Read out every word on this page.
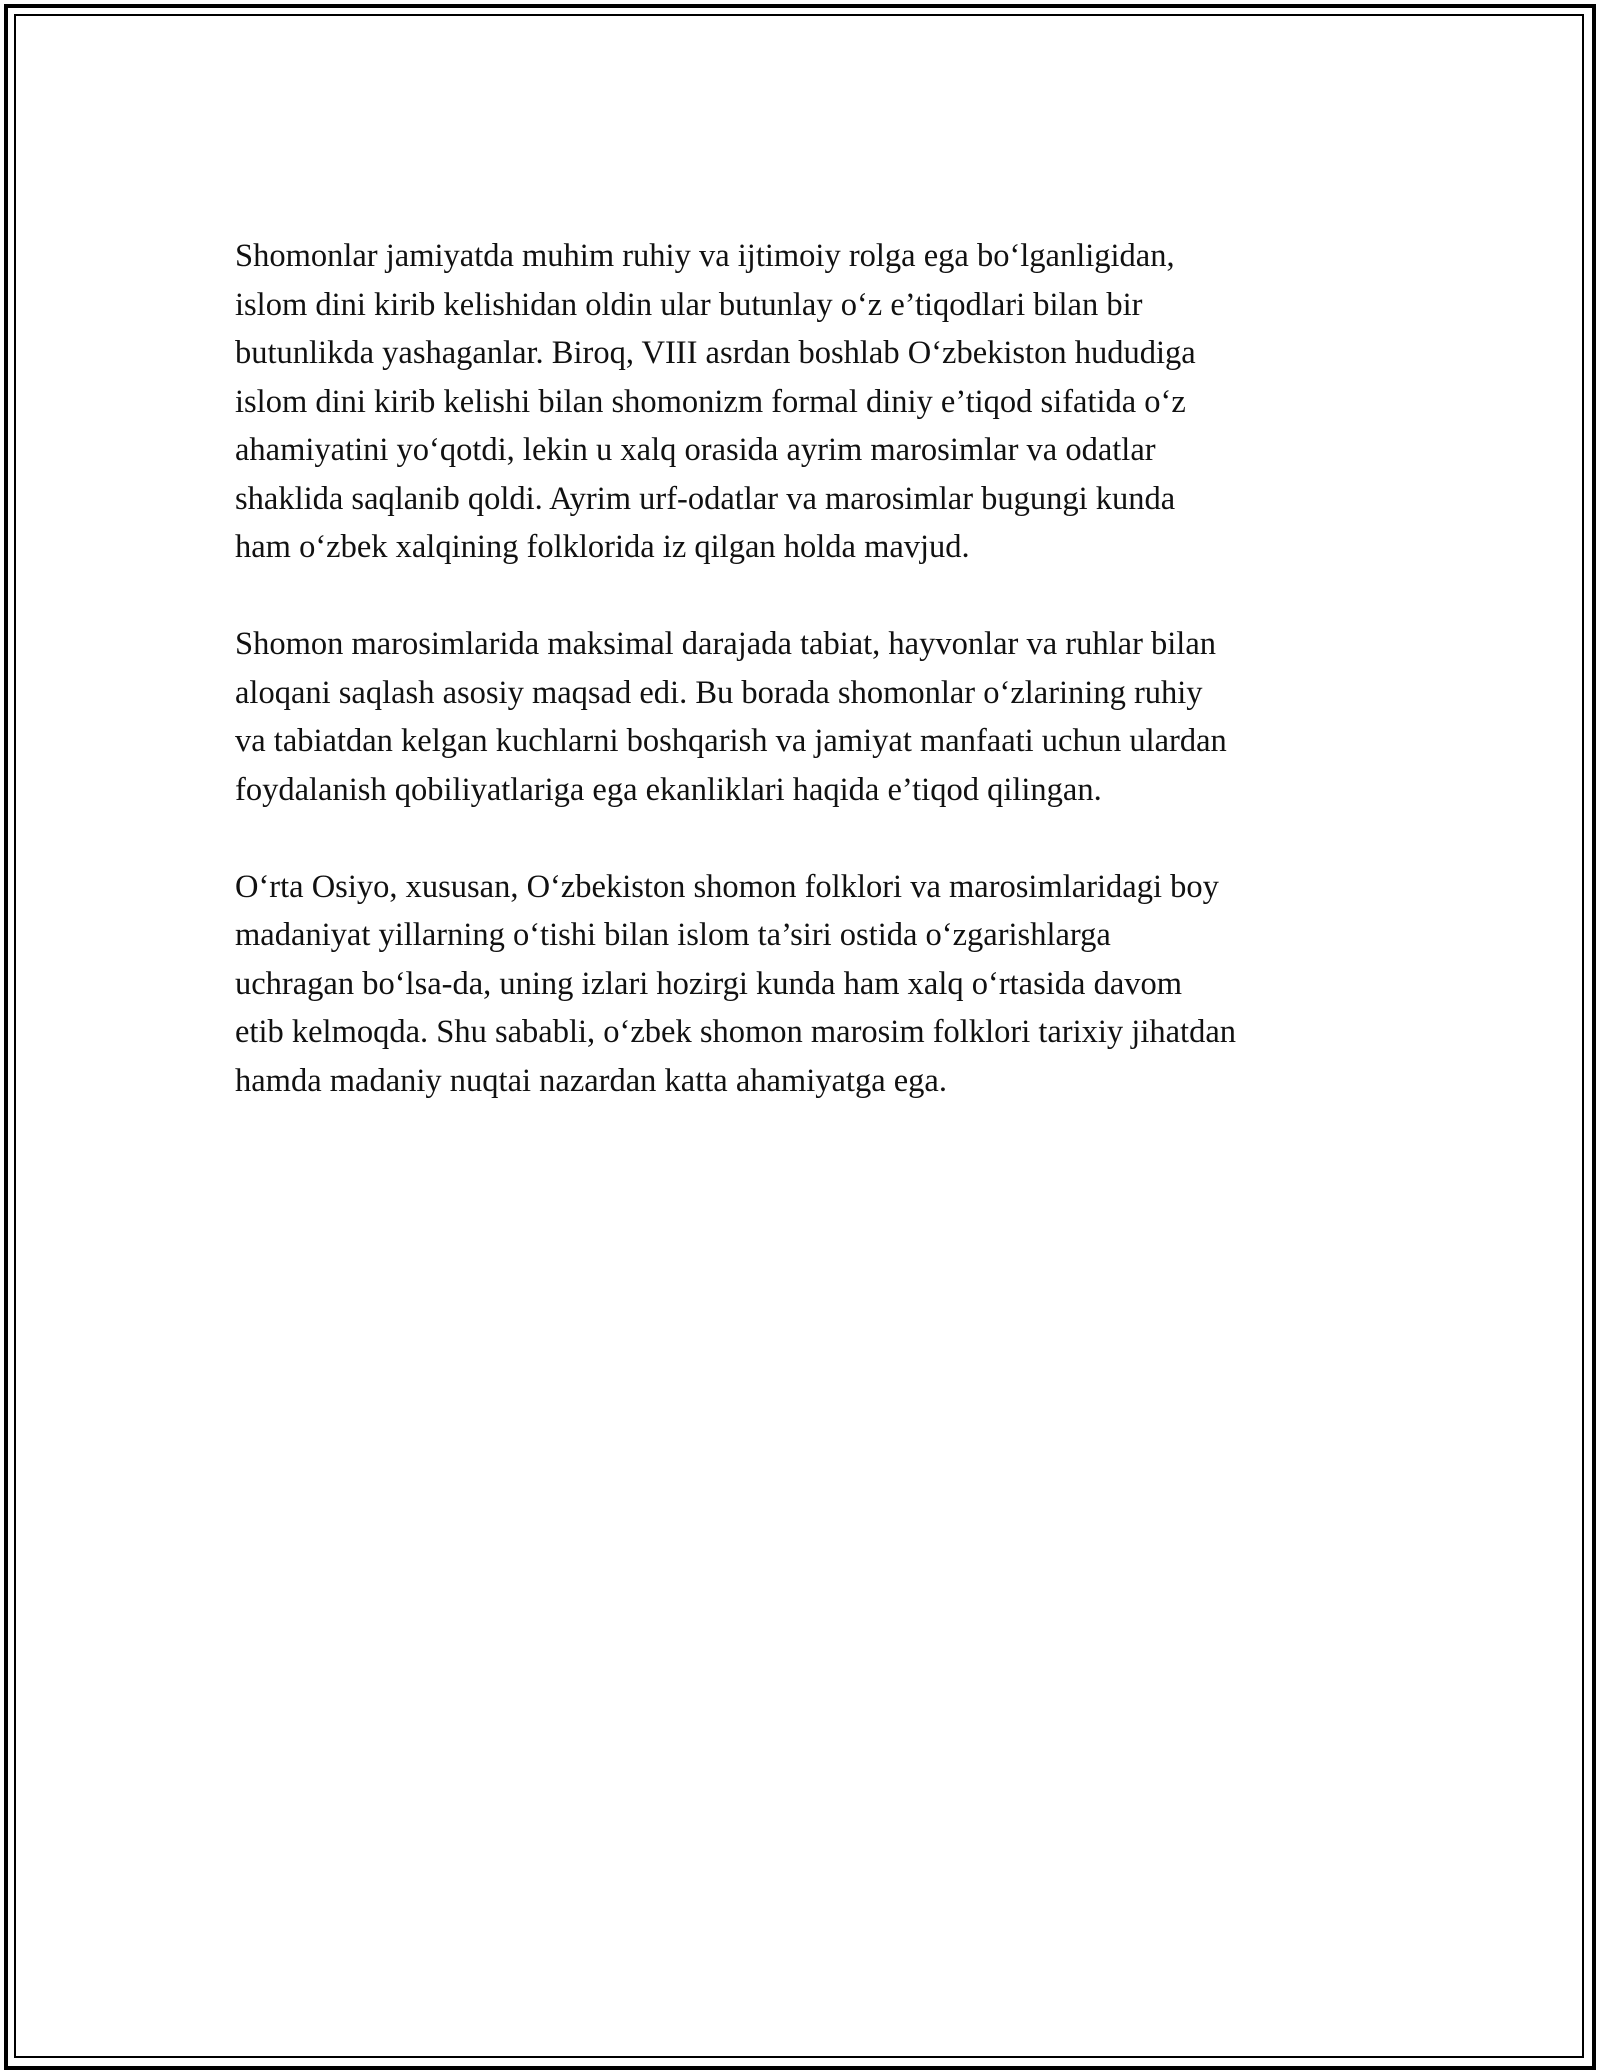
Shomonlar jamiyatda muhim ruhiy va ijtimoiy rolga ega bo‘lganligidan,
islom dini kirib kelishidan oldin ular butunlay o‘z e’tiqodlari bilan bir
butunlikda yashaganlar. Biroq, VIII asrdan boshlab O‘zbekiston hududiga
islom dini kirib kelishi bilan shomonizm formal diniy e’tiqod sifatida o‘z
ahamiyatini yo‘qotdi, lekin u xalq orasida ayrim marosimlar va odatlar
shaklida saqlanib qoldi. Ayrim urf-odatlar va marosimlar bugungi kunda
ham o‘zbek xalqining folklorida iz qilgan holda mavjud.

Shomon marosimlarida maksimal darajada tabiat, hayvonlar va ruhlar bilan
aloqani saqlash asosiy maqsad edi. Bu borada shomonlar o‘zlarining ruhiy
va tabiatdan kelgan kuchlarni boshqarish va jamiyat manfaati uchun ulardan
foydalanish qobiliyatlariga ega ekanliklari haqida e’tiqod qilingan.

O‘rta Osiyo, xususan, O‘zbekiston shomon folklori va marosimlaridagi boy
madaniyat yillarning o‘tishi bilan islom ta’siri ostida o‘zgarishlarga
uchragan bo‘lsa-da, uning izlari hozirgi kunda ham xalq o‘rtasida davom
etib kelmoqda. Shu sababli, o‘zbek shomon marosim folklori tarixiy jihatdan
hamda madaniy nuqtai nazardan katta ahamiyatga ega.
